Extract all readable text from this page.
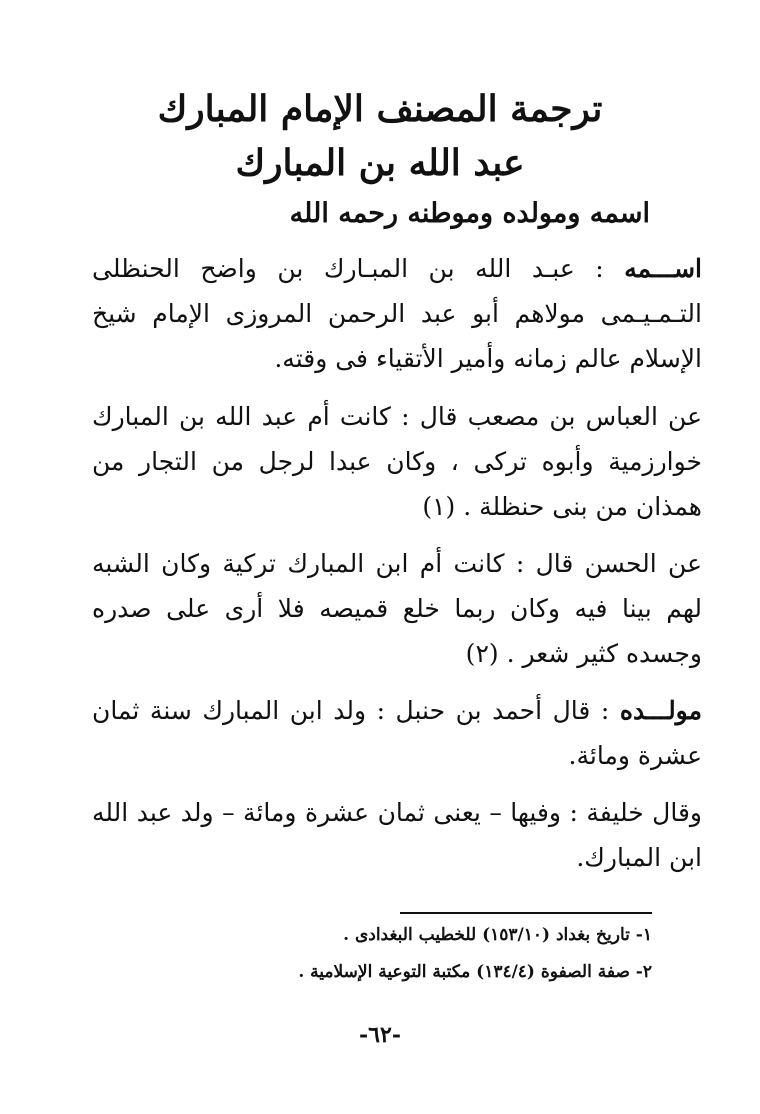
ترجمة المصنف الإمام المبارك
عبد الله بن المبارك
اسمه ومولده وموطنه رحمه الله
اســـمه : عبـد الله بن المبـارك بن واضح الحنظلى التـمـيـمى مولاهم أبو عبد الرحمن المروزى الإمام شيخ الإسلام عالم زمانه وأمير الأتقياء فى وقته.
عن العباس بن مصعب قال : كانت أم عبد الله بن المبارك خوارزمية وأبوه تركى ، وكان عبدا لرجل من التجار من همذان من بنى حنظلة . (١)
عن الحسن قال : كانت أم ابن المبارك تركية وكان الشبه لهم بينا فيه وكان ربما خلع قميصه فلا أرى على صدره وجسده كثير شعر . (٢)
مولـــده : قال أحمد بن حنبل : ولد ابن المبارك سنة ثمان عشرة ومائة.
وقال خليفة : وفيها – يعنى ثمان عشرة ومائة – ولد عبد الله ابن المبارك.
١- تاريخ بغداد (١٥٣/١٠) للخطيب البغدادى .
٢- صفة الصفوة (١٣٤/٤) مكتبة التوعية الإسلامية .
-٦٢-
